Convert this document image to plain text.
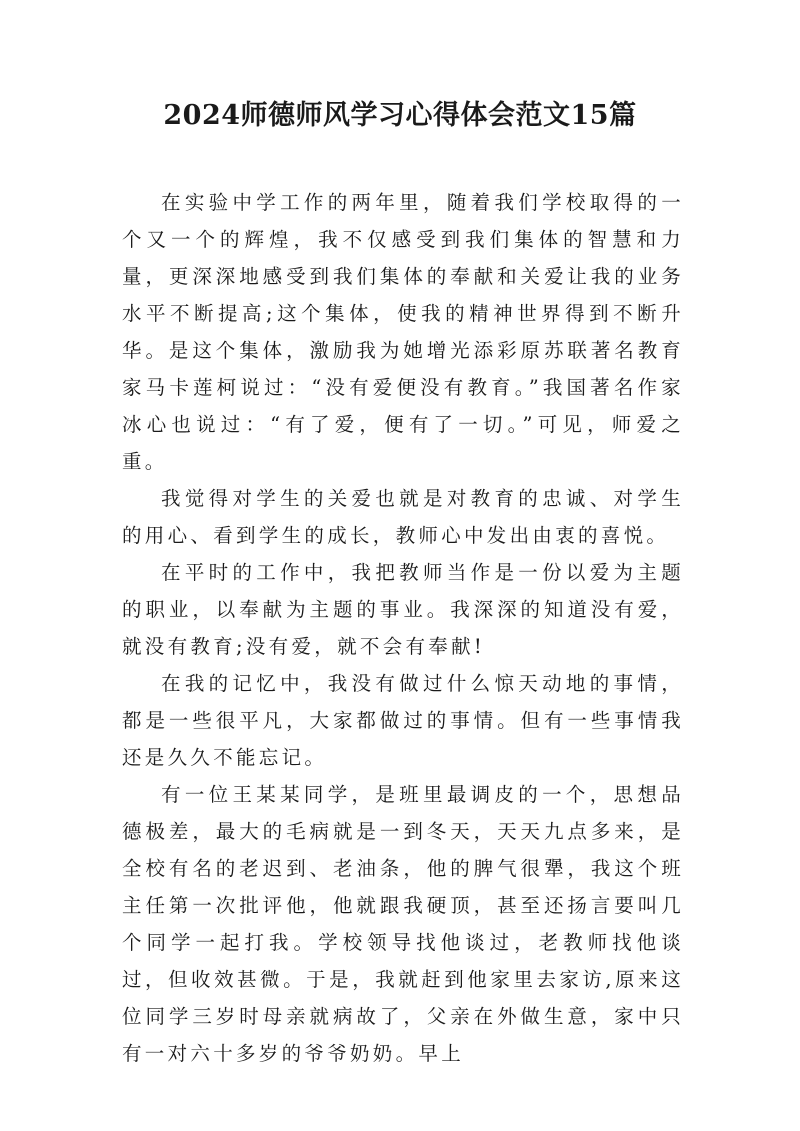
2024师德师风学习心得体会范文15篇

在实验中学工作的两年里，随着我们学校取得的一个又一个的辉煌，我不仅感受到我们集体的智慧和力量，更深深地感受到我们集体的奉献和关爱让我的业务水平不断提高;这个集体，使我的精神世界得到不断升华。是这个集体，激励我为她增光添彩原苏联著名教育家马卡莲柯说过：“没有爱便没有教育。”我国著名作家冰心也说过：“有了爱，便有了一切。”可见，师爱之重。

我觉得对学生的关爱也就是对教育的忠诚、对学生的用心、看到学生的成长，教师心中发出由衷的喜悦。

在平时的工作中，我把教师当作是一份以爱为主题的职业，以奉献为主题的事业。我深深的知道没有爱，就没有教育;没有爱，就不会有奉献!

在我的记忆中，我没有做过什么惊天动地的事情，都是一些很平凡，大家都做过的事情。但有一些事情我还是久久不能忘记。

有一位王某某同学，是班里最调皮的一个，思想品德极差，最大的毛病就是一到冬天，天天九点多来，是全校有名的老迟到、老油条，他的脾气很犟，我这个班主任第一次批评他，他就跟我硬顶，甚至还扬言要叫几个同学一起打我。学校领导找他谈过，老教师找他谈过，但收效甚微。于是，我就赶到他家里去家访,原来这位同学三岁时母亲就病故了，父亲在外做生意，家中只有一对六十多岁的爷爷奶奶。早上
